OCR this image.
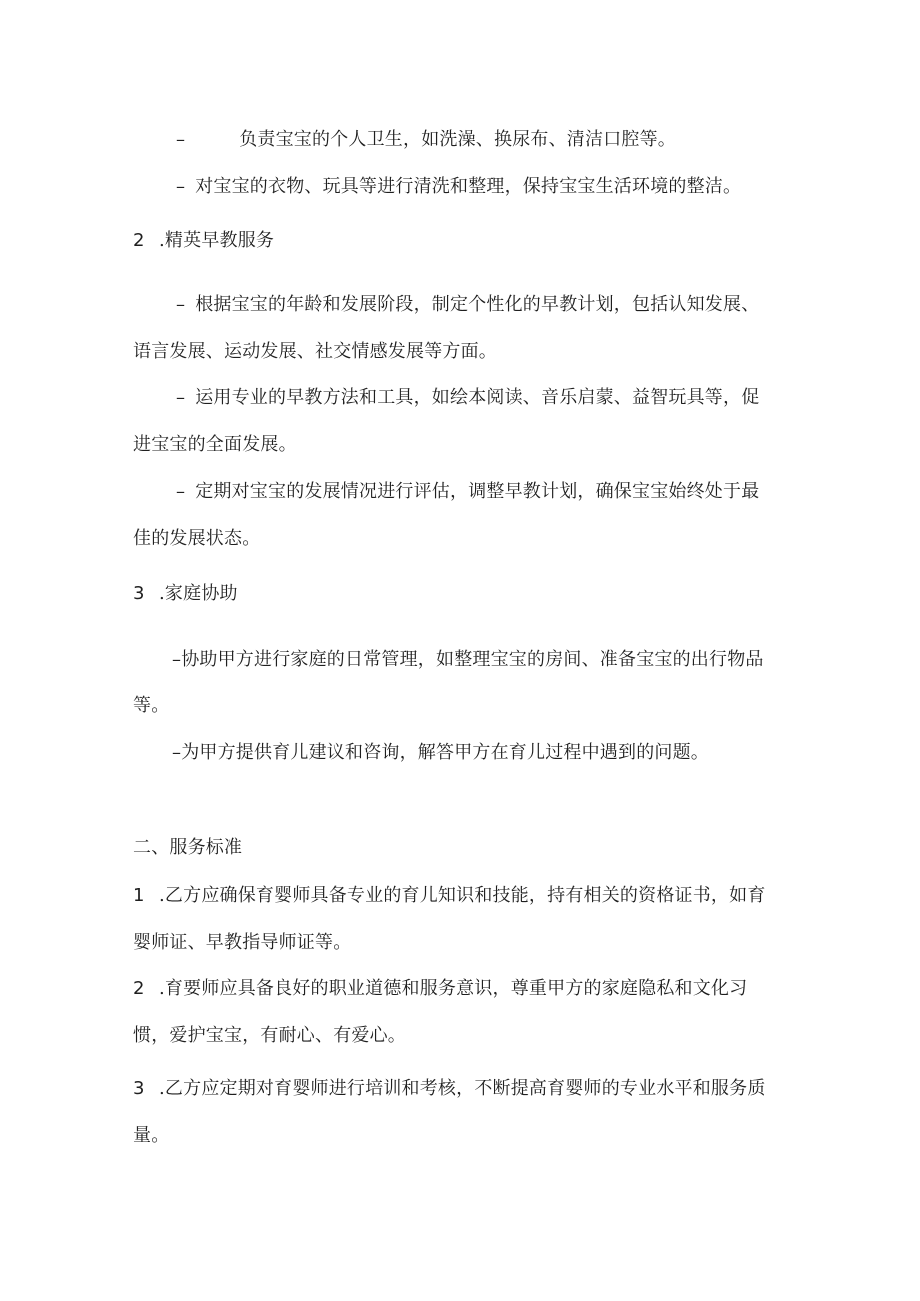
–	负责宝宝的个人卫生，如洗澡、换尿布、清洁口腔等。
– 对宝宝的衣物、玩具等进行清洗和整理，保持宝宝生活环境的整洁。
2 .精英早教服务
– 根据宝宝的年龄和发展阶段，制定个性化的早教计划，包括认知发展、
语言发展、运动发展、社交情感发展等方面。
– 运用专业的早教方法和工具，如绘本阅读、音乐启蒙、益智玩具等，促
进宝宝的全面发展。
– 定期对宝宝的发展情况进行评估，调整早教计划，确保宝宝始终处于最
佳的发展状态。
3 .家庭协助
–协助甲方进行家庭的日常管理，如整理宝宝的房间、准备宝宝的出行物品
等。
–为甲方提供育儿建议和咨询，解答甲方在育儿过程中遇到的问题。
二、服务标准
1 .乙方应确保育婴师具备专业的育儿知识和技能，持有相关的资格证书，如育
婴师证、早教指导师证等。
2 .育要师应具备良好的职业道德和服务意识，尊重甲方的家庭隐私和文化习
惯，爱护宝宝，有耐心、有爱心。
3 .乙方应定期对育婴师进行培训和考核，不断提高育婴师的专业水平和服务质
量。
